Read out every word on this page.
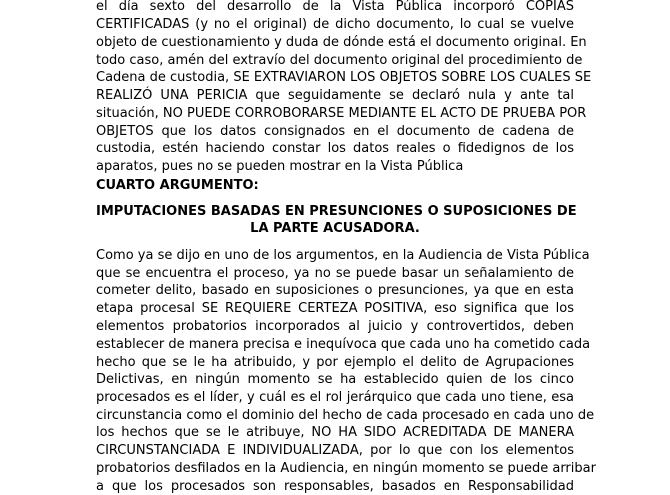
el día sexto del desarrollo de la Vista Pública incorporó COPIAS
CERTIFICADAS (y no el original) de dicho documento, lo cual se vuelve
objeto de cuestionamiento y duda de dónde está el documento original. En
todo caso, amén del extravío del documento original del procedimiento de
Cadena de custodia, SE EXTRAVIARON LOS OBJETOS SOBRE LOS CUALES SE
REALIZÓ UNA PERICIA que seguidamente se declaró nula y ante tal
situación, NO PUEDE CORROBORARSE MEDIANTE EL ACTO DE PRUEBA POR
OBJETOS que los datos consignados en el documento de cadena de
custodia, estén haciendo constar los datos reales o fidedignos de los
aparatos, pues no se pueden mostrar en la Vista Pública
CUARTO ARGUMENTO:
IMPUTACIONES BASADAS EN PRESUNCIONES O SUPOSICIONES DE
LA PARTE ACUSADORA.
Como ya se dijo en uno de los argumentos, en la Audiencia de Vista Pública
que se encuentra el proceso, ya no se puede basar un señalamiento de
cometer delito, basado en suposiciones o presunciones, ya que en esta
etapa procesal SE REQUIERE CERTEZA POSITIVA, eso significa que los
elementos probatorios incorporados al juicio y controvertidos, deben
establecer de manera precisa e inequívoca que cada uno ha cometido cada
hecho que se le ha atribuido, y por ejemplo el delito de Agrupaciones
Delictivas, en ningún momento se ha establecido quien de los cinco
procesados es el líder, y cuál es el rol jerárquico que cada uno tiene, esa
circunstancia como el dominio del hecho de cada procesado en cada uno de
los hechos que se le atribuye, NO HA SIDO ACREDITADA DE MANERA
CIRCUNSTANCIADA E INDIVIDUALIZADA, por lo que con los elementos
probatorios desfilados en la Audiencia, en ningún momento se puede arribar
a que los procesados son responsables, basados en Responsabilidad
